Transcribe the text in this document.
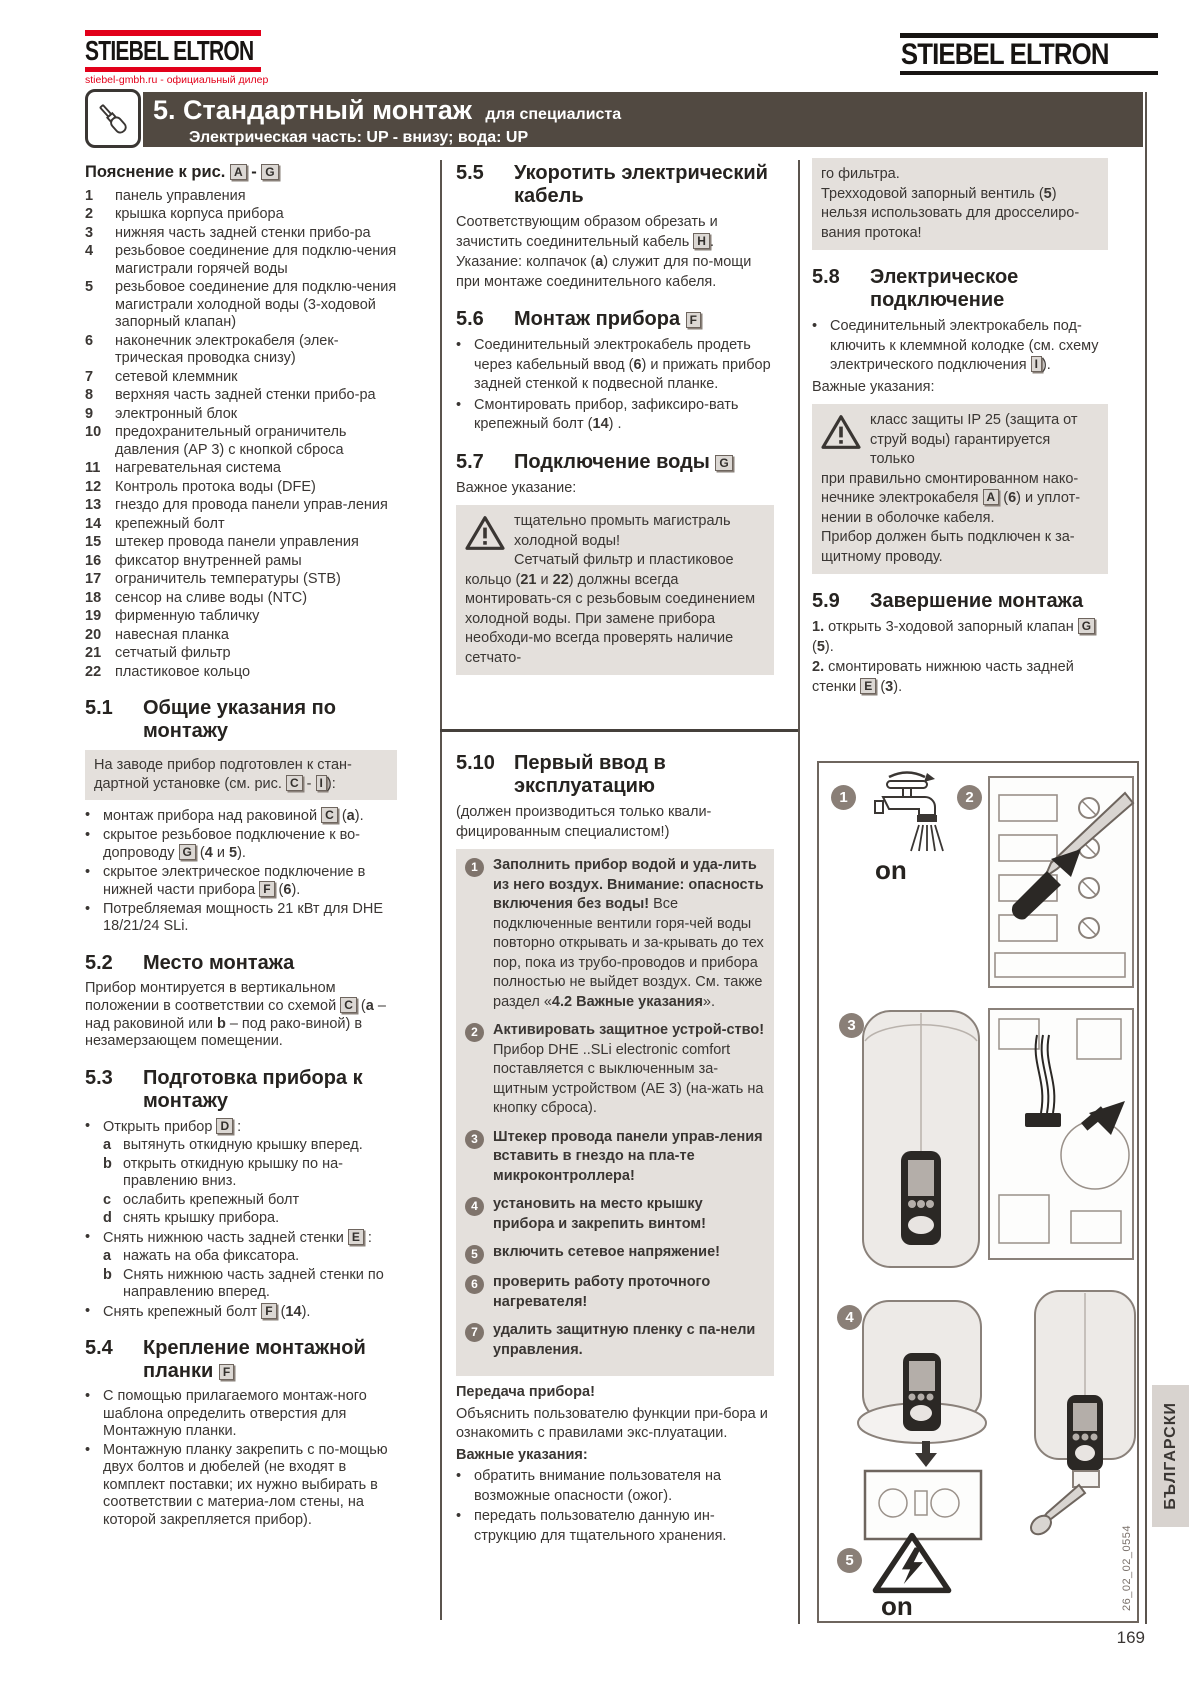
STIEBEL ELTRON
stiebel-gmbh.ru - официальный дилер
STIEBEL ELTRON
5. Стандартный монтаж для специалиста
Электрическая часть: UP - внизу; вода: UP
Пояснение к рис. A - G
1	панель управления
2	крышка корпуса прибора
3	нижняя часть задней стенки прибо-ра
4	резьбовое соединение для подклю-чения магистрали горячей воды
5	резьбовое соединение для подклю-чения магистрали холодной воды (3-ходовой запорный клапан)
6	наконечник электрокабеля (элек-трическая проводка снизу)
7	сетевой клеммник
8	верхняя часть задней стенки прибо-ра
9	электронный блок
10 предохранительный ограничитель давления (AP 3) с кнопкой сброса
11	нагревательная система
12 Контроль протока воды (DFE)
13 гнездо для провода панели управ-ления
14 крепежный болт
15 штекер провода панели управления
16 фиксатор внутренней рамы
17 ограничитель температуры (STB)
18 сенсор на сливе воды (NTC)
19 фирменную табличку
20 навесная планка
21 сетчатый фильтр
22 пластиковое кольцо
5.1	Общие указания по монтажу
На заводе прибор подготовлен к стан-дартной установке (см. рис. C - I ):
• монтаж прибора над раковиной C (a).
• скрытое резьбовое подключение к во-допроводу G (4 и 5).
• скрытое электрическое подключение в нижней части прибора F (6).
• Потребляемая мощность 21 кВт для DHE 18/21/24 SLi.
5.2	Место монтажа
Прибор монтируется в вертикальном положении в соответствии со схемой C (a – над раковиной или b – под рако-виной) в незамерзающем помещении.
5.3	Подготовка прибора к монтажу
• Открыть прибор D :
a вытянуть откидную крышку вперед.
b открыть откидную крышку по на-правлению вниз.
c ослабить крепежный болт
d снять крышку прибора.
• Снять нижнюю часть задней стенки E :
a нажать на оба фиксатора.
b Снять нижнюю часть задней стенки по направлению вперед.
• Снять крепежный болт F (14).
5.4	Крепление монтажной планки F
• С помощью прилагаемого монтаж-ного шаблона определить отверстия для Монтажную планки.
• Монтажную планку закрепить с по-мощью двух болтов и дюбелей (не входят в комплект поставки; их нужно выбирать в соответствии с материа-лом стены, на которой закрепляется прибор).
5.5	Укоротить электрический кабель
Соответствующим образом обрезать и зачистить соединительный кабель H .
Указание: колпачок (a) служит для по-мощи при монтаже соединительного кабеля.
5.6	Монтаж прибора F
• Соединительный электрокабель продеть через кабельный ввод (6) и прижать прибор задней стенкой к подвесной планке.
• Смонтировать прибор, зафиксиро-вать крепежный болт (14) .
5.7	Подключение воды G
Важное указание:
тщательно промыть магистраль
холодной воды!
Сетчатый фильтр и пластиковое кольцо (21 и 22) должны всегда монтировать-ся с резьбовым соединением холодной воды. При замене прибора необходи-мо всегда проверять наличие сетчато-
5.10 Первый ввод в эксплуатацию
(должен производиться только квали-фицированным специалистом!)
1	Заполнить прибор водой и уда-лить из него воздух. Внимание: опасность включения без воды! Все подключенные вентили горя-чей воды повторно открывать и за-крывать до тех пор, пока из трубо-проводов и прибора полностью не выйдет воздух. См. также раздел «4.2 Важные указания».
2	Активировать защитное устрой-ство! Прибор DHE ..SLi electronic comfort поставляется с выключенным за-щитным устройством (AE 3) (на-жать на кнопку сброса).
3	Штекер провода панели управ-ления вставить в гнездо на пла-те микроконтроллера!
4	установить на место крышку прибора и закрепить винтом!
5	включить сетевое напряжение!
6	проверить работу проточного нагревателя!
7	удалить защитную пленку с па-нели управления.
Передача прибора!
Объяснить пользователю функции при-бора и ознакомить с правилами экс-плуатации.
Важные указания:
• обратить внимание пользователя на возможные опасности (ожог).
• передать пользователю данную ин-струкцию для тщательного хранения.
го фильтра.
Трехходовой запорный вентиль (5) нельзя использовать для дросселиро-вания протока!
5.8	Электрическое подключение
• Соединительный электрокабель под-ключить к клеммной колодке (см. схему электрического подключения I ).
Важные указания:
класс защиты IP 25 (защита от
струй воды) гарантируется только
при правильно смонтированном нако-нечнике электрокабеля A (6) и уплот-нении в оболочке кабеля.
Прибор должен быть подключен к за-щитному проводу.
5.9	Завершение монтажа
1. открыть 3-ходовой запорный клапан G (5).
2. смонтировать нижнюю часть задней стенки E (3).
1	2
3
4
5
on
on	26_02_02_0554
БЪЛГАРСКИ
169
